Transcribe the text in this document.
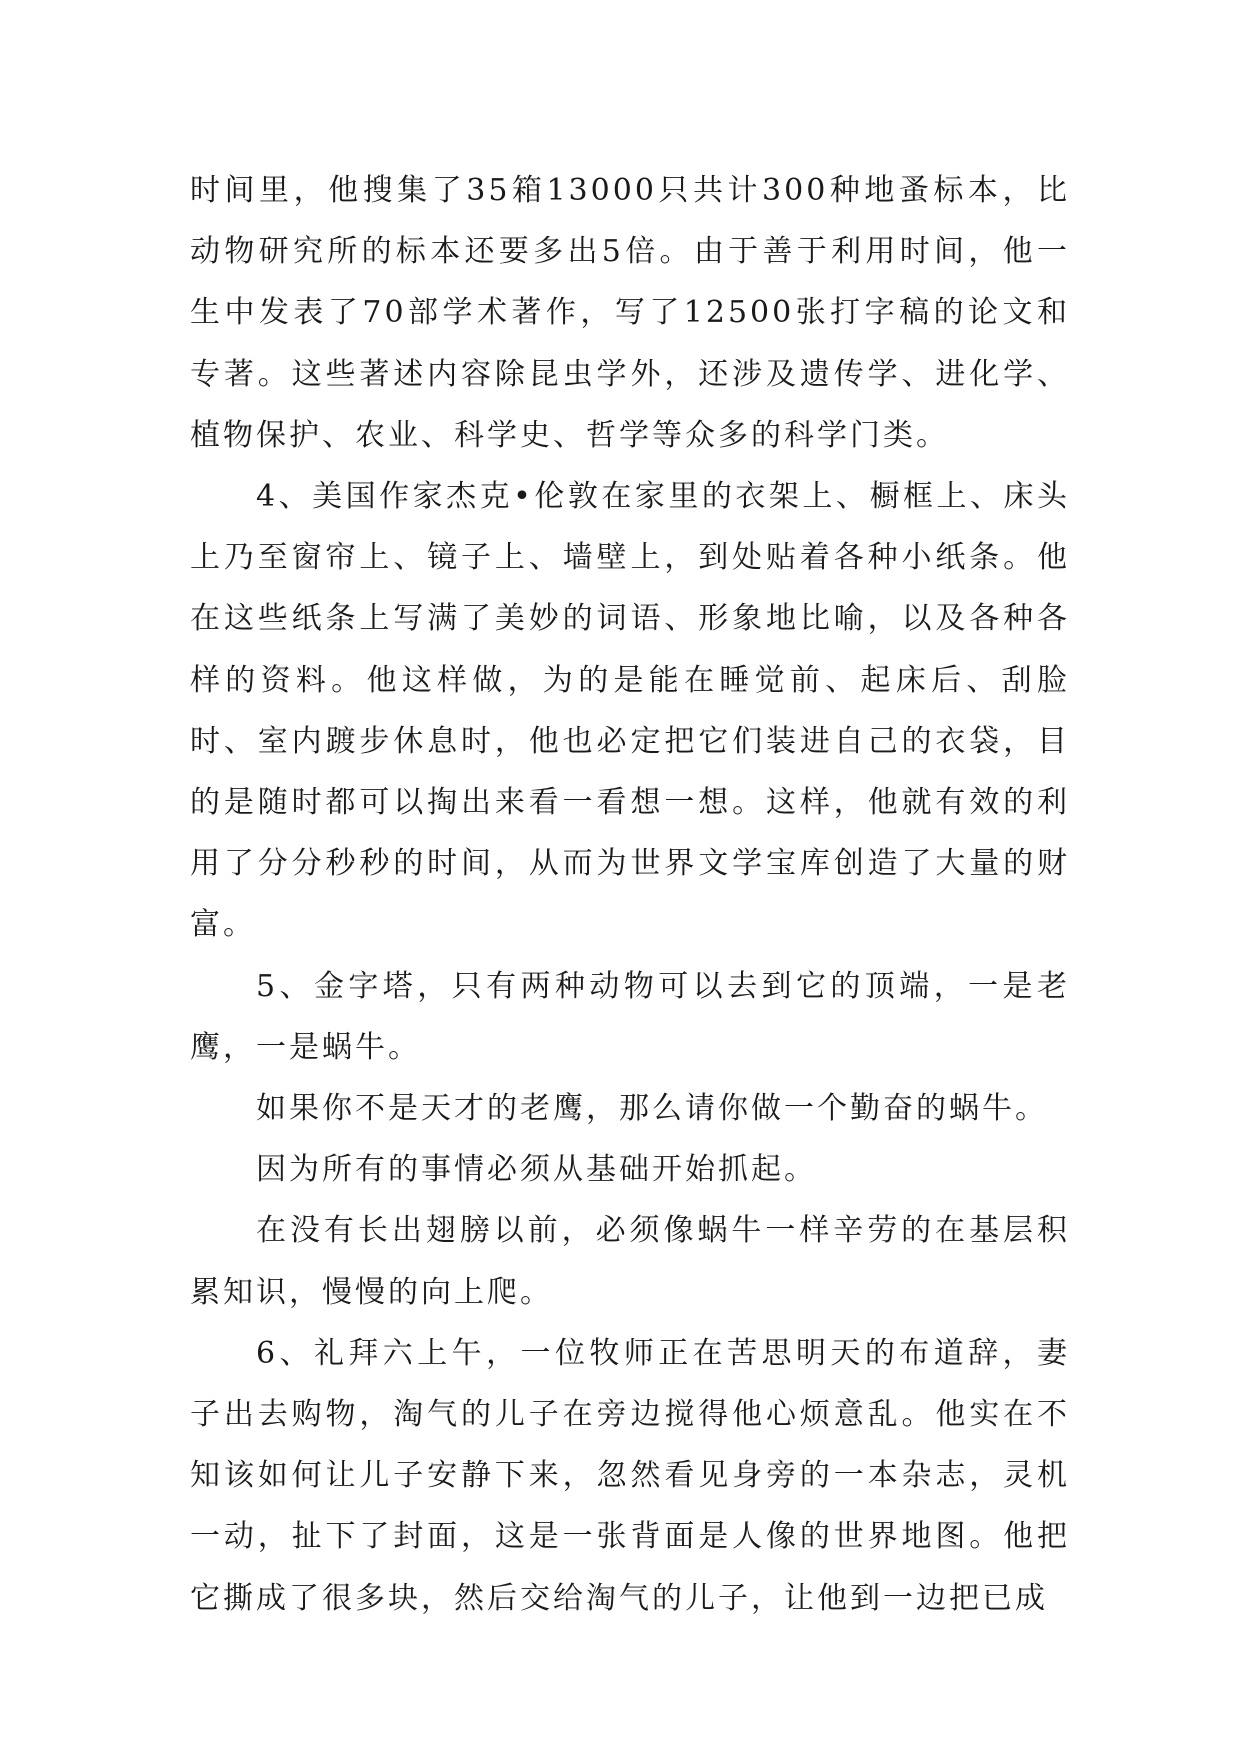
时间里，他搜集了35箱13000只共计300种地蚤标本，比动物研究所的标本还要多出5倍。由于善于利用时间，他一生中发表了70部学术著作，写了12500张打字稿的论文和专著。这些著述内容除昆虫学外，还涉及遗传学、进化学、植物保护、农业、科学史、哲学等众多的科学门类。

4、美国作家杰克•伦敦在家里的衣架上、橱框上、床头上乃至窗帘上、镜子上、墙壁上，到处贴着各种小纸条。他在这些纸条上写满了美妙的词语、形象地比喻，以及各种各样的资料。他这样做，为的是能在睡觉前、起床后、刮脸时、室内踱步休息时，他也必定把它们装进自己的衣袋，目的是随时都可以掏出来看一看想一想。这样，他就有效的利用了分分秒秒的时间，从而为世界文学宝库创造了大量的财富。

5、金字塔，只有两种动物可以去到它的顶端，一是老鹰，一是蜗牛。

如果你不是天才的老鹰，那么请你做一个勤奋的蜗牛。

因为所有的事情必须从基础开始抓起。

在没有长出翅膀以前，必须像蜗牛一样辛劳的在基层积累知识，慢慢的向上爬。

6、礼拜六上午，一位牧师正在苦思明天的布道辞，妻子出去购物，淘气的儿子在旁边搅得他心烦意乱。他实在不知该如何让儿子安静下来，忽然看见身旁的一本杂志，灵机一动，扯下了封面，这是一张背面是人像的世界地图。他把它撕成了很多块，然后交给淘气的儿子，让他到一边把已成
